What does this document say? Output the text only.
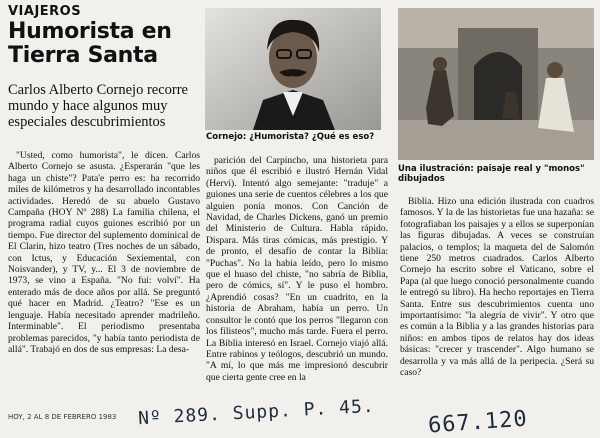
VIAJEROS
Humorista en Tierra Santa
Carlos Alberto Cornejo recorre mundo y hace algunos muy especiales descubrimientos
Cornejo: ¿Humorista? ¿Qué es eso?
Una ilustración: paisaje real y "monos" dibujados

"Usted, como humorista", le dicen. Carlos Alberto Cornejo se asusta. ¿Esperarán "que les haga un chiste"? Pata'e perro es: ha recorrido miles de kilómetros y ha desarrollado incontables actividades. Heredó de su abuelo Gustavo Campaña (HOY Nº 288) La familia chilena, el programa radial cuyos guiones escribió por un tiempo. Fue director del suplemento dominical de El Clarín, hizo teatro (Tres noches de un sábado, con Ictus, y Educación Sexiemental, con Noisvander), y TV, y... El 3 de noviembre de 1973, se vino a España. "No fui: volví". Ha enterado más de doce años por allá. Se preguntó qué hacer en Madrid. ¿Teatro? "Ese es un lenguaje. Había necesitado aprender madrileño. Interminable". El periodismo presentaba problemas parecidos, "y había tanto periodista de allá". Trabajó en dos de sus empresas: La desa-

parición del Carpincho, una historieta para niños que él escribió e ilustró Hernán Vidal (Hervi). Intentó algo semejante: "traduje" a guiones una serie de cuentos célebres a los que alguien ponía monos. Con Canción de Navidad, de Charles Dickens, ganó un premio del Ministerio de Cultura. Habla rápido. Dispara. Más tiras cómicas, más prestigio. Y de pronto, el desafío de contar la Biblia: "Puchas". No la había leído, pero lo mismo que el huaso del chiste, "no sabría de Biblia, pero de cómics, sí". Y le puso el hombro. ¿Aprendió cosas? "En un cuadrito, en la historia de Abraham, había un perro. Un consultor le contó que los perros "llegaron con los filisteos", mucho más tarde. Fuera el perro. La Biblia interesó en Israel. Cornejo viajó allá. Entre rabinos y teólogos, descubrió un mundo. "A mí, lo que más me impresionó descubrir que cierta gente cree en la

Biblia. Hizo una edición ilustrada con cuadros famosos. Y la de las historietas fue una hazaña: se fotografiaban los paisajes y a ellos se superponían las figuras dibujadas. A veces se construían palacios, o templos; la maqueta del de Salomón tiene 250 metros cuadrados. Carlos Alberto Cornejo ha escrito sobre el Vaticano, sobre el Papa (al que luego conoció personalmente cuando le entregó su libro). Ha hecho reportajes en Tierra Santa. Entre sus descubrimientos cuenta uno importantísimo: "la alegría de vivir". Y otro que es común a la Biblia y a las grandes historias para niños: en ambos tipos de relatos hay dos ideas básicas: "crecer y trascender". Algo humano se desarrolla y va más allá de la peripecia. ¿Será su caso?

HOY, 2 AL 8 DE FEBRERO 1983 Nº 289. Supp. P. 45. 667.120
